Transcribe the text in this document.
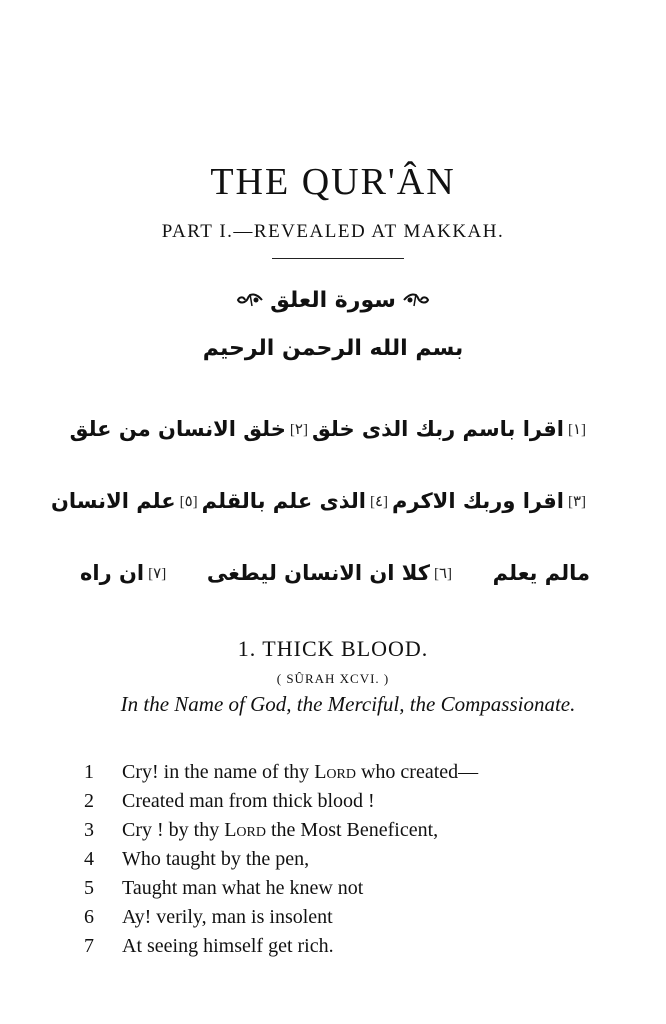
THE QUR'ÂN
PART I.—REVEALED AT MAKKAH.
سورة العلق
بسم الله الرحمن الرحيم
[١]
اقرا باسم ربك الذى خلق
[٢]
خلق الانسان من علق
[٣]
اقرا وربك الاكرم
[٤]
الذى علم بالقلم
[٥]
علم الانسان
مالم يعلم
[٦]
كلا ان الانسان ليطغى
[٧]
ان راه
1. THICK BLOOD.
( SÛRAH XCVI. )
In the Name of God, the Merciful, the Compassionate.
1	Cry! in the name of thy Lord who created—
2	Created man from thick blood !
3	Cry ! by thy Lord the Most Beneficent,
4	Who taught by the pen,
5	Taught man what he knew not
6	Ay! verily, man is insolent
7	At seeing himself get rich.
